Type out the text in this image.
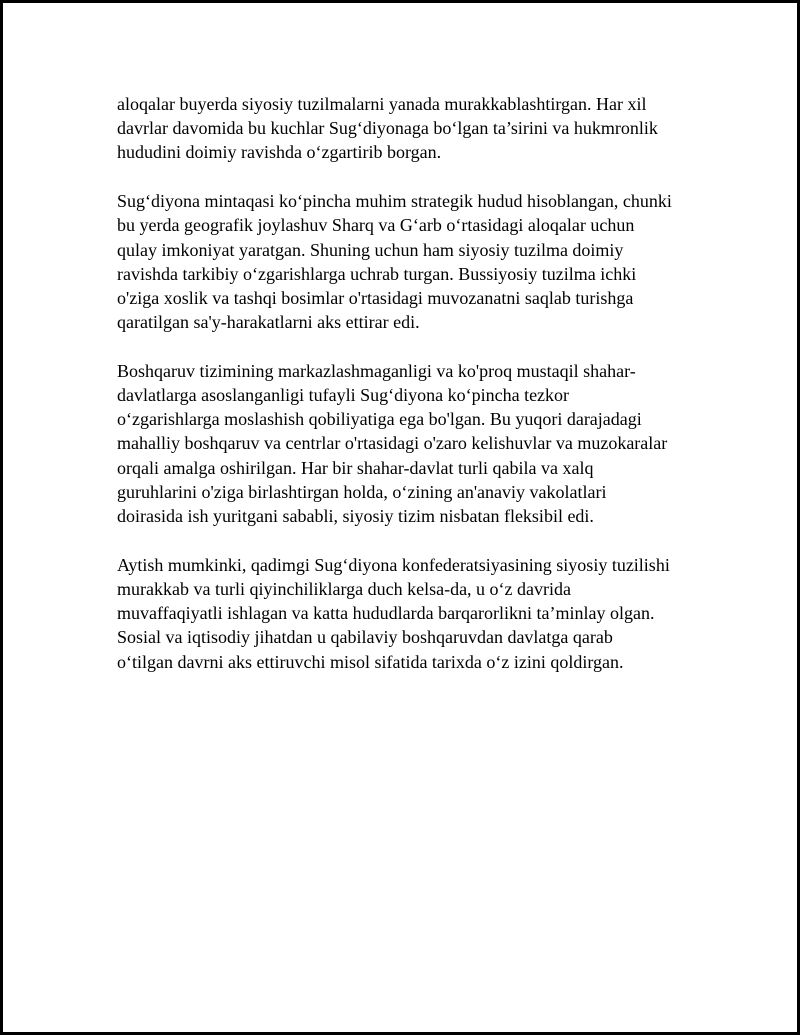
aloqalar buyerda siyosiy tuzilmalarni yanada murakkablashtirgan. Har xil
davrlar davomida bu kuchlar Sug‘diyonaga bo‘lgan ta’sirini va hukmronlik
hududini doimiy ravishda o‘zgartirib borgan.
Sug‘diyona mintaqasi ko‘pincha muhim strategik hudud hisoblangan, chunki
bu yerda geografik joylashuv Sharq va G‘arb o‘rtasidagi aloqalar uchun
qulay imkoniyat yaratgan. Shuning uchun ham siyosiy tuzilma doimiy
ravishda tarkibiy o‘zgarishlarga uchrab turgan. Bussiyosiy tuzilma ichki
o'ziga xoslik va tashqi bosimlar o'rtasidagi muvozanatni saqlab turishga
qaratilgan sa'y-harakatlarni aks ettirar edi.
Boshqaruv tizimining markazlashmaganligi va ko'proq mustaqil shahar-
davlatlarga asoslanganligi tufayli Sug‘diyona ko‘pincha tezkor
o‘zgarishlarga moslashish qobiliyatiga ega bo'lgan. Bu yuqori darajadagi
mahalliy boshqaruv va centrlar o'rtasidagi o'zaro kelishuvlar va muzokaralar
orqali amalga oshirilgan. Har bir shahar-davlat turli qabila va xalq
guruhlarini o'ziga birlashtirgan holda, o‘zining an'anaviy vakolatlari
doirasida ish yuritgani sababli, siyosiy tizim nisbatan fleksibil edi.
Aytish mumkinki, qadimgi Sug‘diyona konfederatsiyasining siyosiy tuzilishi
murakkab va turli qiyinchiliklarga duch kelsa-da, u o‘z davrida
muvaffaqiyatli ishlagan va katta hududlarda barqarorlikni ta’minlay olgan.
Sosial va iqtisodiy jihatdan u qabilaviy boshqaruvdan davlatga qarab
o‘tilgan davrni aks ettiruvchi misol sifatida tarixda o‘z izini qoldirgan.
